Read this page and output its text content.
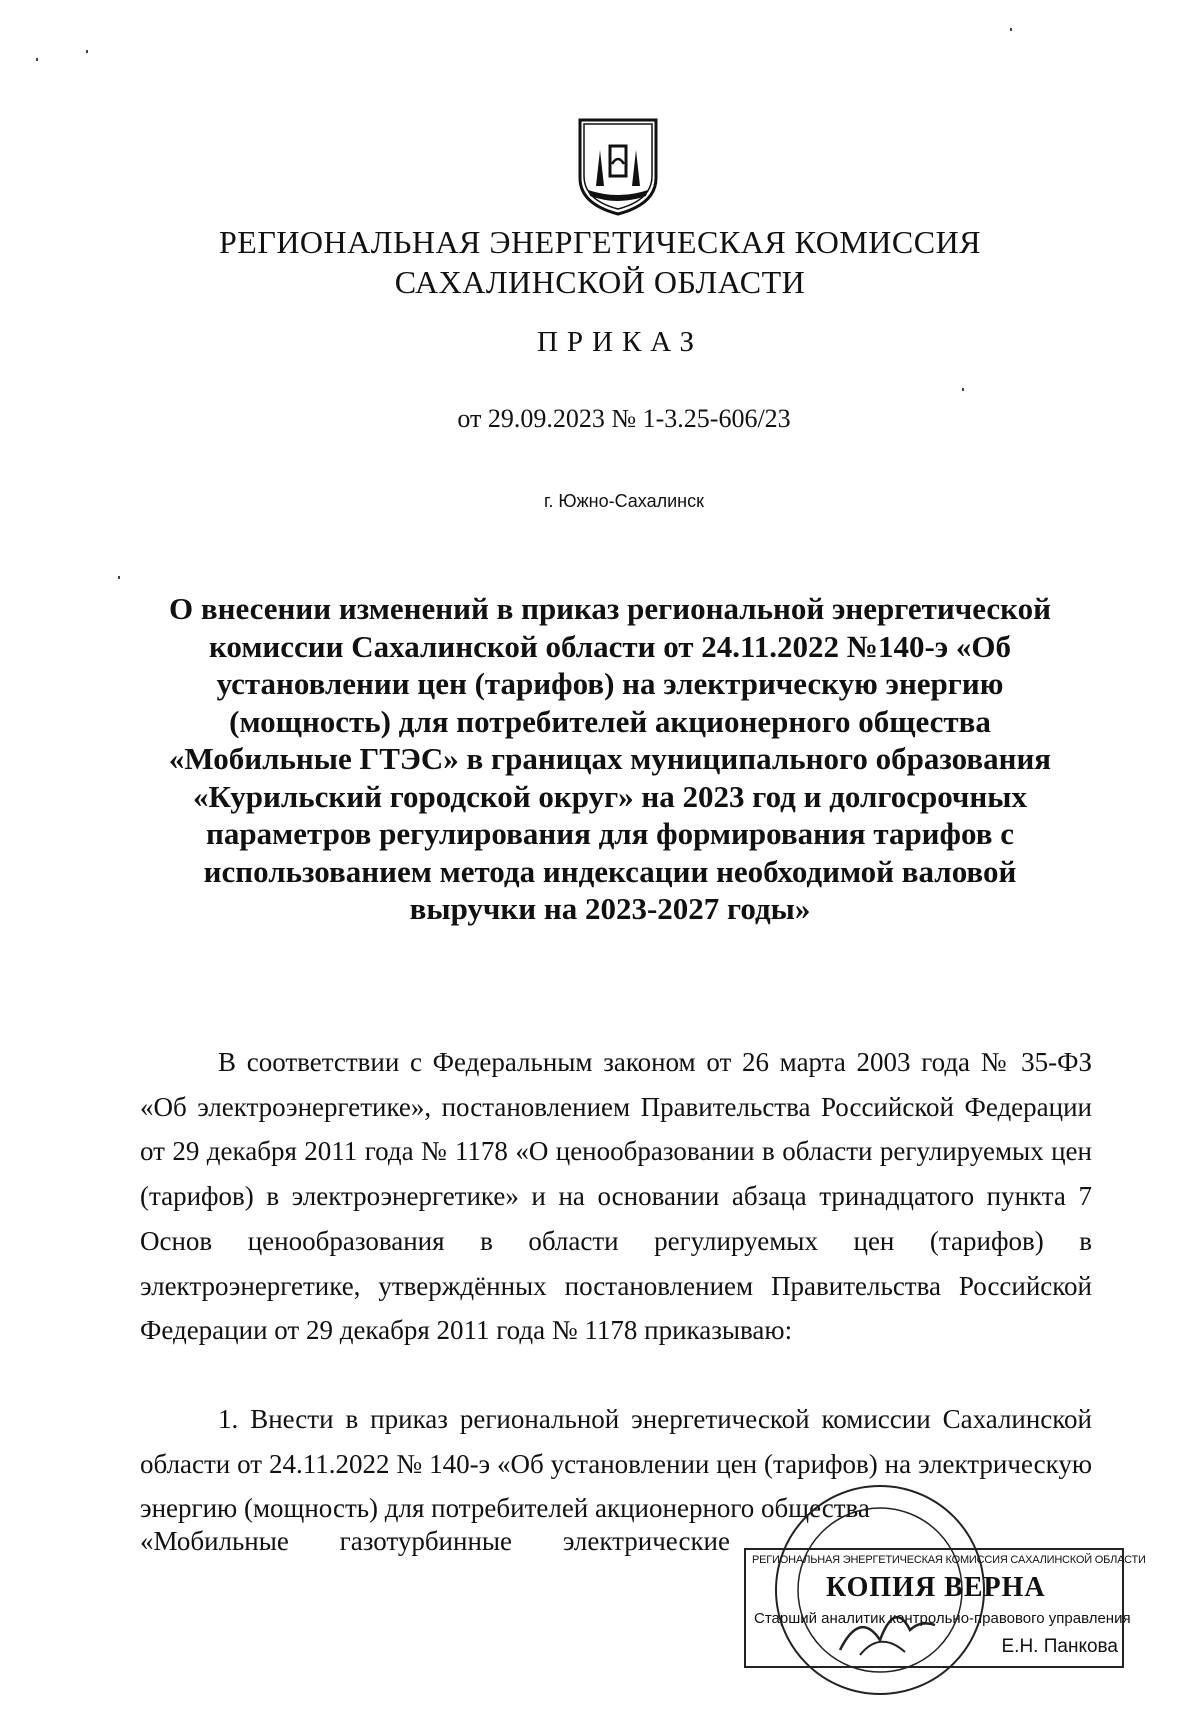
РЕГИОНАЛЬНАЯ ЭНЕРГЕТИЧЕСКАЯ КОМИССИЯ
САХАЛИНСКОЙ ОБЛАСТИ
ПРИКАЗ
от 29.09.2023 № 1-3.25-606/23
г. Южно-Сахалинск
О внесении изменений в приказ региональной энергетической
комиссии Сахалинской области от 24.11.2022 №140-э «Об
установлении цен (тарифов) на электрическую энергию
(мощность) для потребителей акционерного общества
«Мобильные ГТЭС» в границах муниципального образования
«Курильский городской округ» на 2023 год и долгосрочных
параметров регулирования для формирования тарифов с
использованием метода индексации необходимой валовой
выручки на 2023-2027 годы»

В соответствии с Федеральным законом от 26 марта 2003 года № 35-ФЗ «Об электроэнергетике», постановлением Правительства Российской Федерации от 29 декабря 2011 года № 1178 «О ценообразовании в области регулируемых цен (тарифов) в электроэнергетике» и на основании абзаца тринадцатого пункта 7 Основ ценообразования в области регулируемых цен (тарифов) в электроэнергетике, утверждённых постановлением Правительства Российской Федерации от 29 декабря 2011 года № 1178 приказываю:

1. Внести в приказ региональной энергетической комиссии Сахалинской области от 24.11.2022 № 140-э «Об установлении цен (тарифов) на электрическую энергию (мощность) для потребителей акционерного общества

«Мобильные газотурбинные электрические
РЕГИОНАЛЬНАЯ ЭНЕРГЕТИЧЕСКАЯ КОМИССИЯ САХАЛИНСКОЙ ОБЛАСТИ
КОПИЯ ВЕРНА
Старший аналитик контрольно-правового управления
Е.Н. Панкова
